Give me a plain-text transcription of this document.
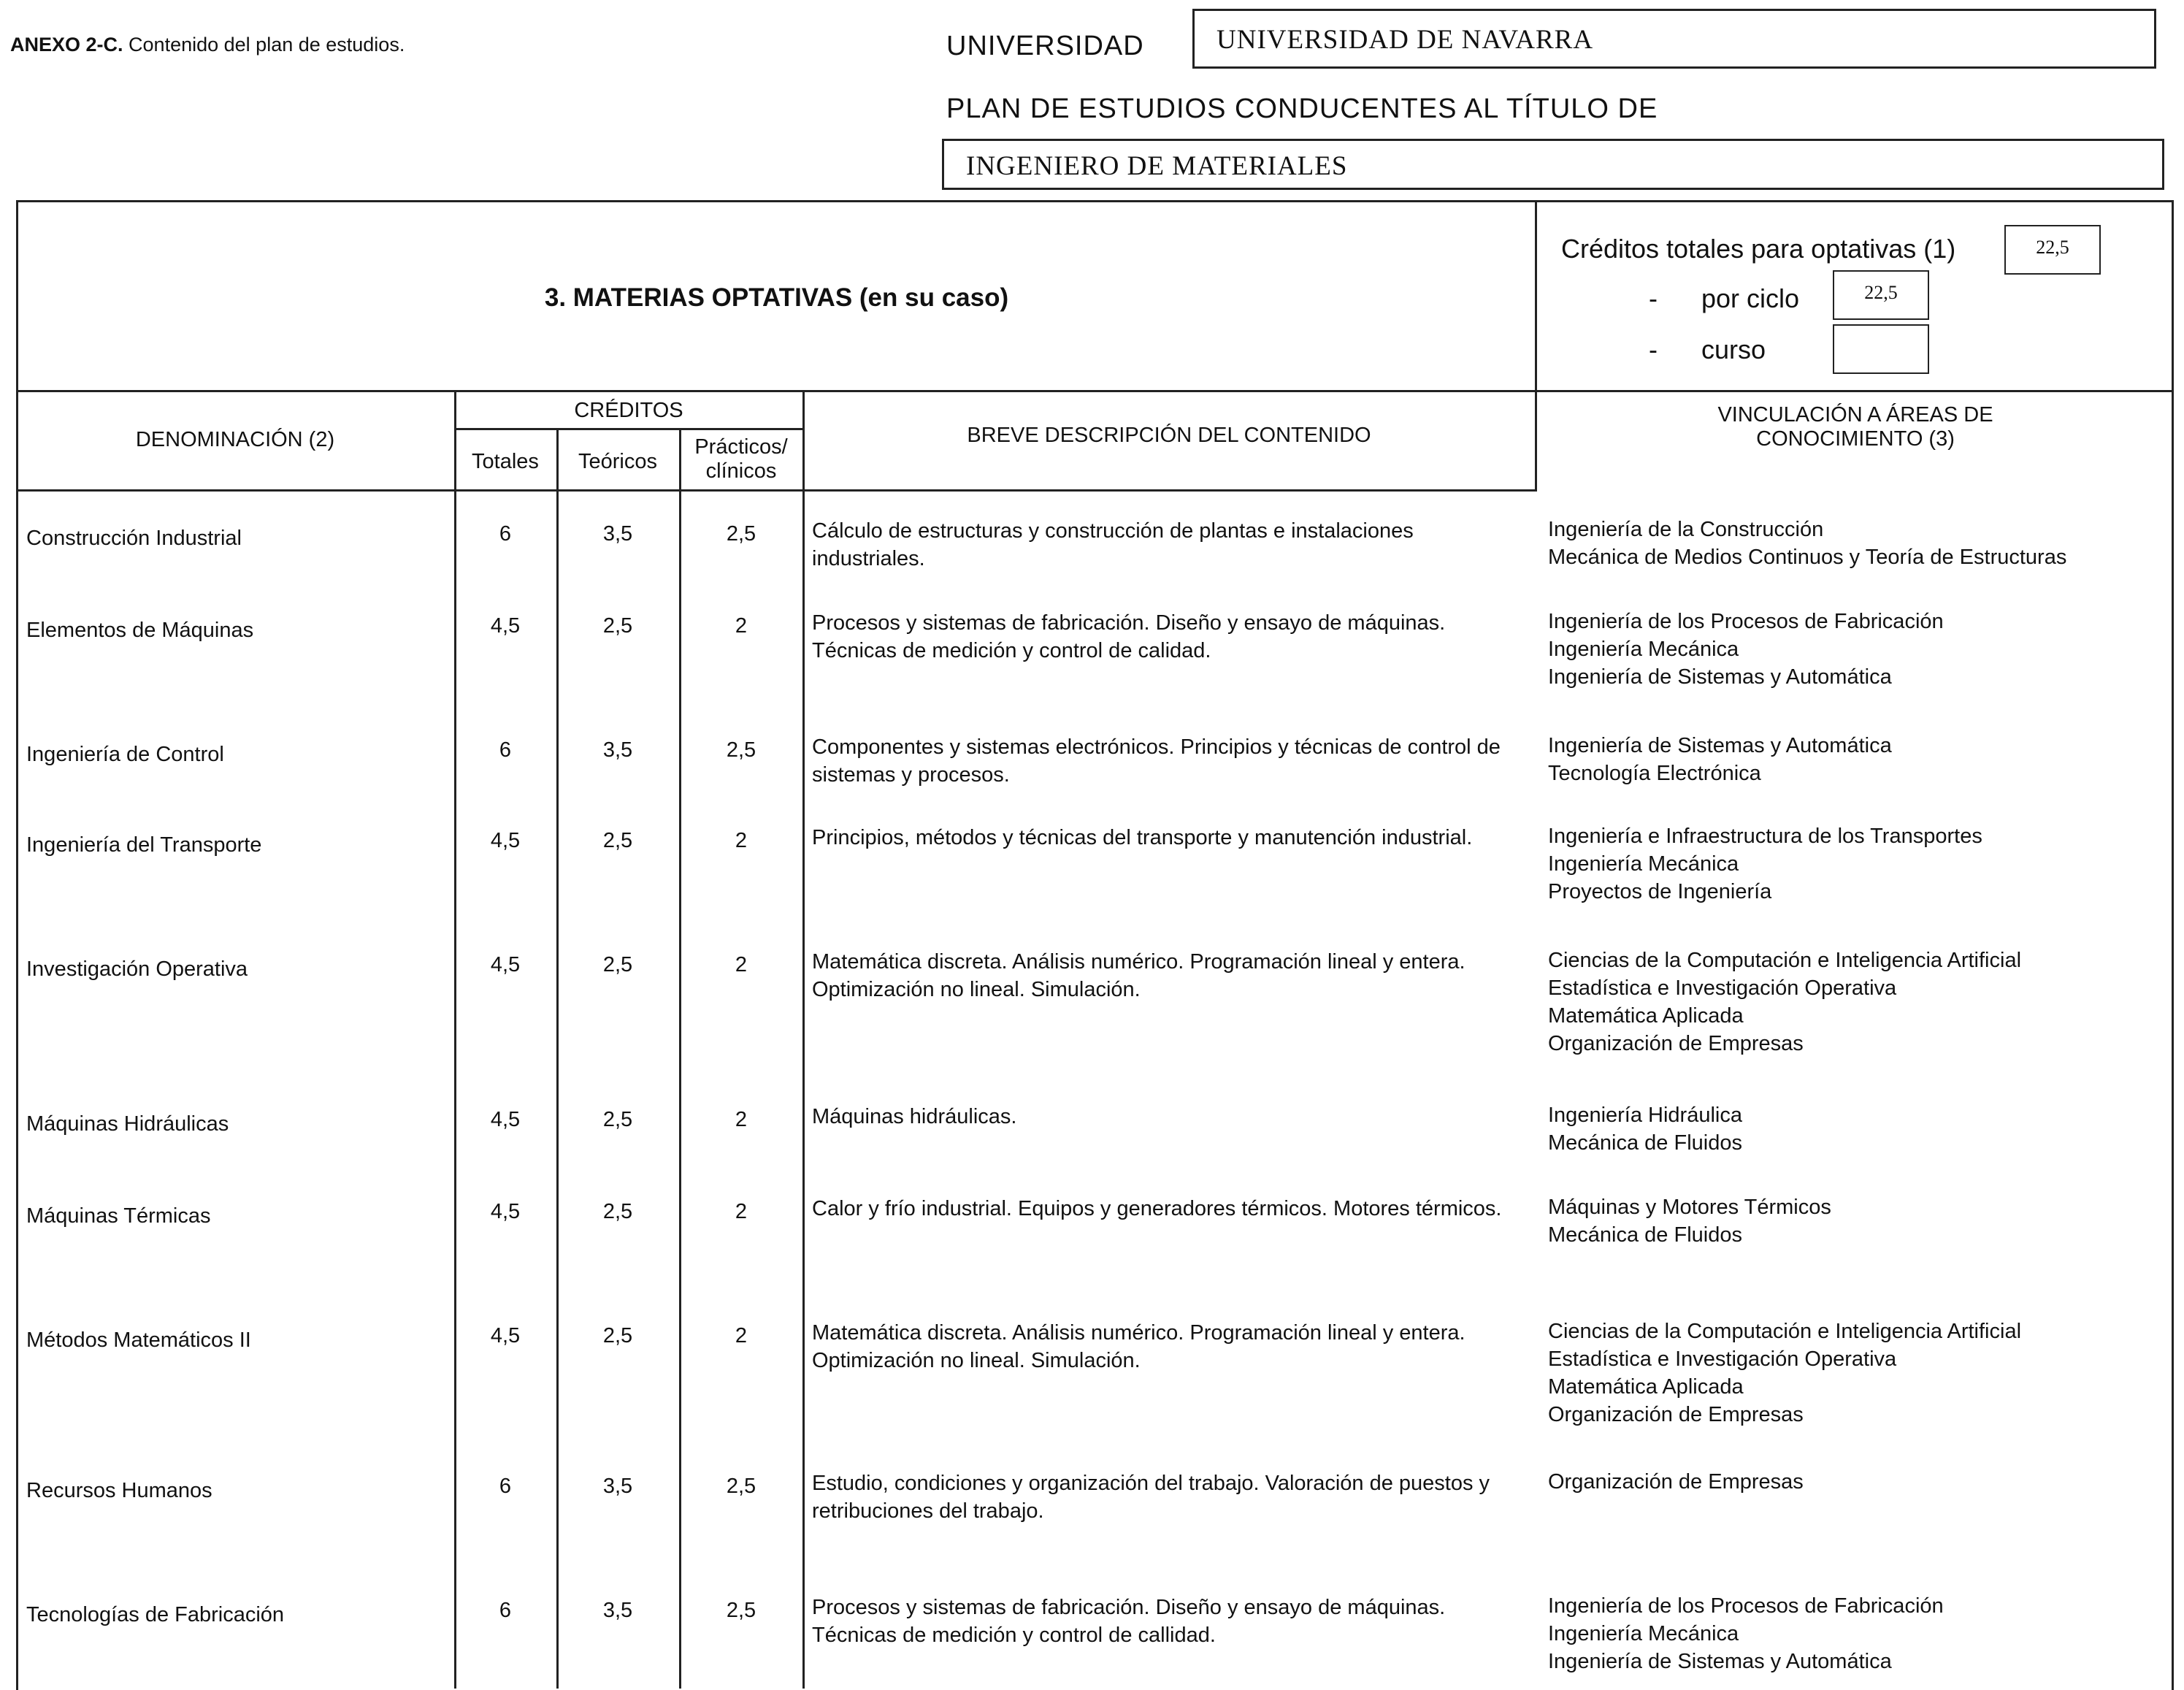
ANEXO 2-C. Contenido del plan de estudios.	UNIVERSIDAD	UNIVERSIDAD DE NAVARRA
PLAN DE ESTUDIOS CONDUCENTES AL TÍTULO DE
INGENIERO DE MATERIALES
3. MATERIAS OPTATIVAS (en su caso)
Créditos totales para optativas (1)	22,5
- por ciclo	22,5
- curso
DENOMINACIÓN (2)
CRÉDITOS
Totales	Teóricos
Prácticos/
clínicos
BREVE DESCRIPCIÓN DEL CONTENIDO
VINCULACIÓN A ÁREAS DE
CONOCIMIENTO (3)
Construcción Industrial	6	3,5	2,5	Cálculo de estructuras y construcción de plantas e instalaciones industriales.
Ingeniería de la Construcción
Mecánica de Medios Continuos y Teoría de Estructuras
Elementos de Máquinas	4,5	2,5	2	Procesos y sistemas de fabricación. Diseño y ensayo de máquinas. Técnicas de medición y control de calidad.
Ingeniería de los Procesos de Fabricación
Ingeniería Mecánica
Ingeniería de Sistemas y Automática
Ingeniería de Control	6	3,5	2,5	Componentes y sistemas electrónicos. Principios y técnicas de control de sistemas y procesos.
Ingeniería de Sistemas y Automática
Tecnología Electrónica
Ingeniería del Transporte	4,5	2,5	2	Principios, métodos y técnicas del transporte y manutención industrial.	Ingeniería e Infraestructura de los Transportes
Ingeniería Mecánica
Proyectos de Ingeniería
Investigación Operativa	4,5	2,5	2	Matemática discreta. Análisis numérico. Programación lineal y entera. Optimización no lineal. Simulación.
Ciencias de la Computación e Inteligencia Artificial
Estadística e Investigación Operativa
Matemática Aplicada
Organización de Empresas
Máquinas Hidráulicas	4,5	2,5	2	Máquinas hidráulicas.	Ingeniería Hidráulica
Mecánica de Fluidos
Máquinas Térmicas	4,5	2,5	2	Calor y frío industrial. Equipos y generadores térmicos. Motores térmicos.	Máquinas y Motores Térmicos
Mecánica de Fluidos
Métodos Matemáticos II	4,5	2,5	2	Matemática discreta. Análisis numérico. Programación lineal y entera. Optimización no lineal. Simulación.
Ciencias de la Computación e Inteligencia Artificial
Estadística e Investigación Operativa
Matemática Aplicada
Organización de Empresas
Recursos Humanos	6	3,5	2,5	Estudio, condiciones y organización del trabajo. Valoración de puestos y retribuciones del trabajo.
Organización de Empresas
Tecnologías de Fabricación	6	3,5	2,5	Procesos y sistemas de fabricación. Diseño y ensayo de máquinas. Técnicas de medición y control de callidad.
Ingeniería de los Procesos de Fabricación
Ingeniería Mecánica
Ingeniería de Sistemas y Automática
